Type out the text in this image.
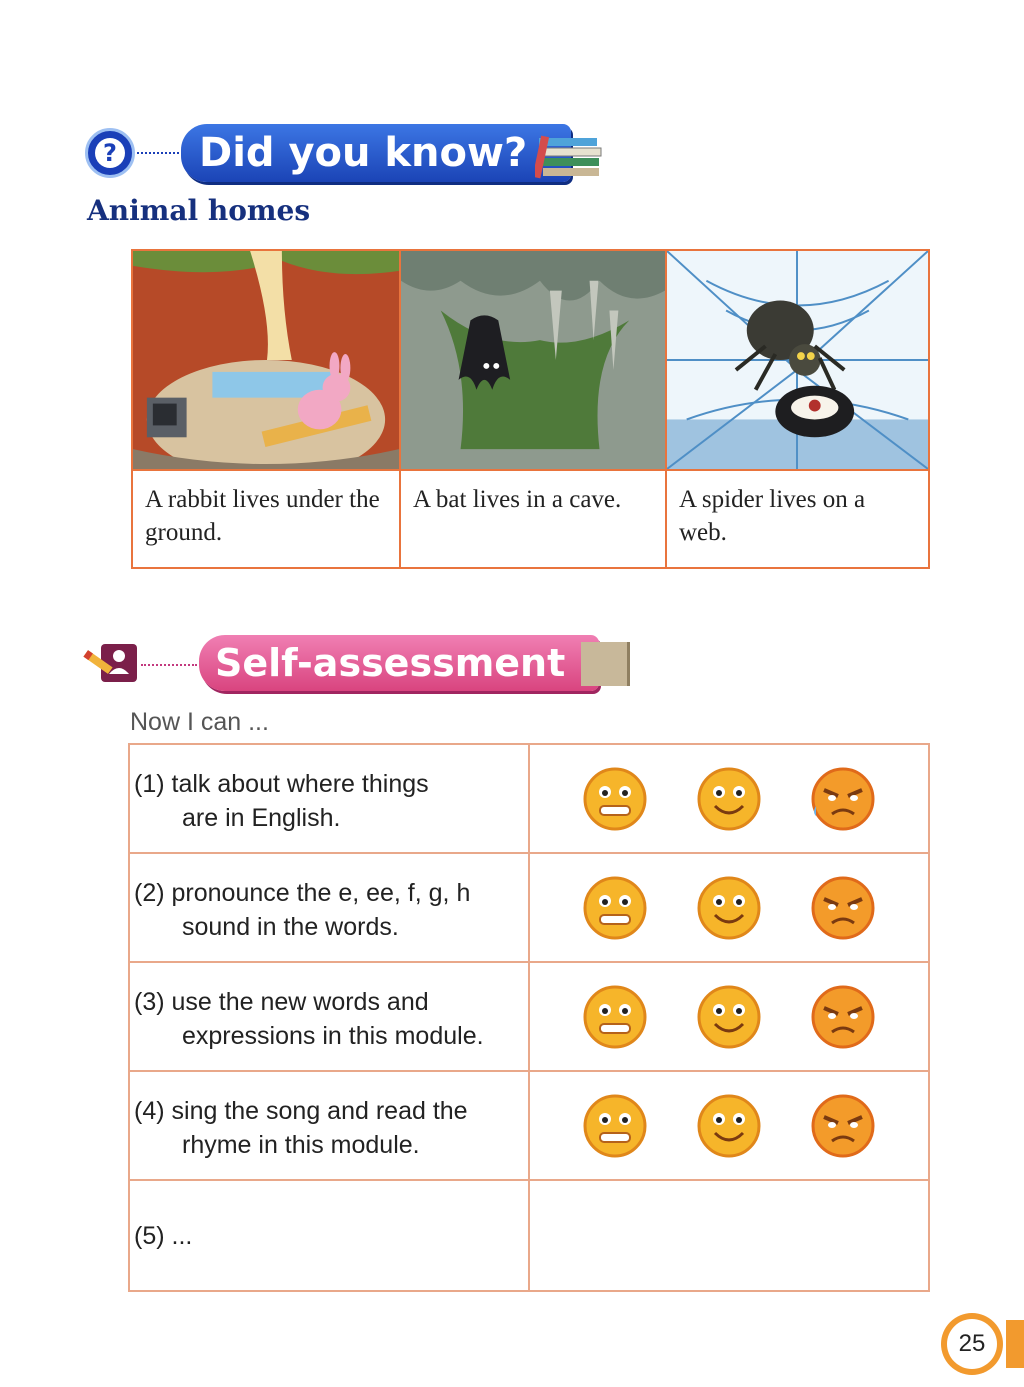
?	Did you know?
Animal homes
A rabbit lives under the ground.
A bat lives in a cave.	A spider lives on a web.
Self-assessment
Now I can ...
(1) talk about where things
are in English.
(2) pronounce the e, ee, f, g, h
sound in the words.
(3) use the new words and
expressions in this module.
(4) sing the song and read the
rhyme in this module.
(5) ...
25
